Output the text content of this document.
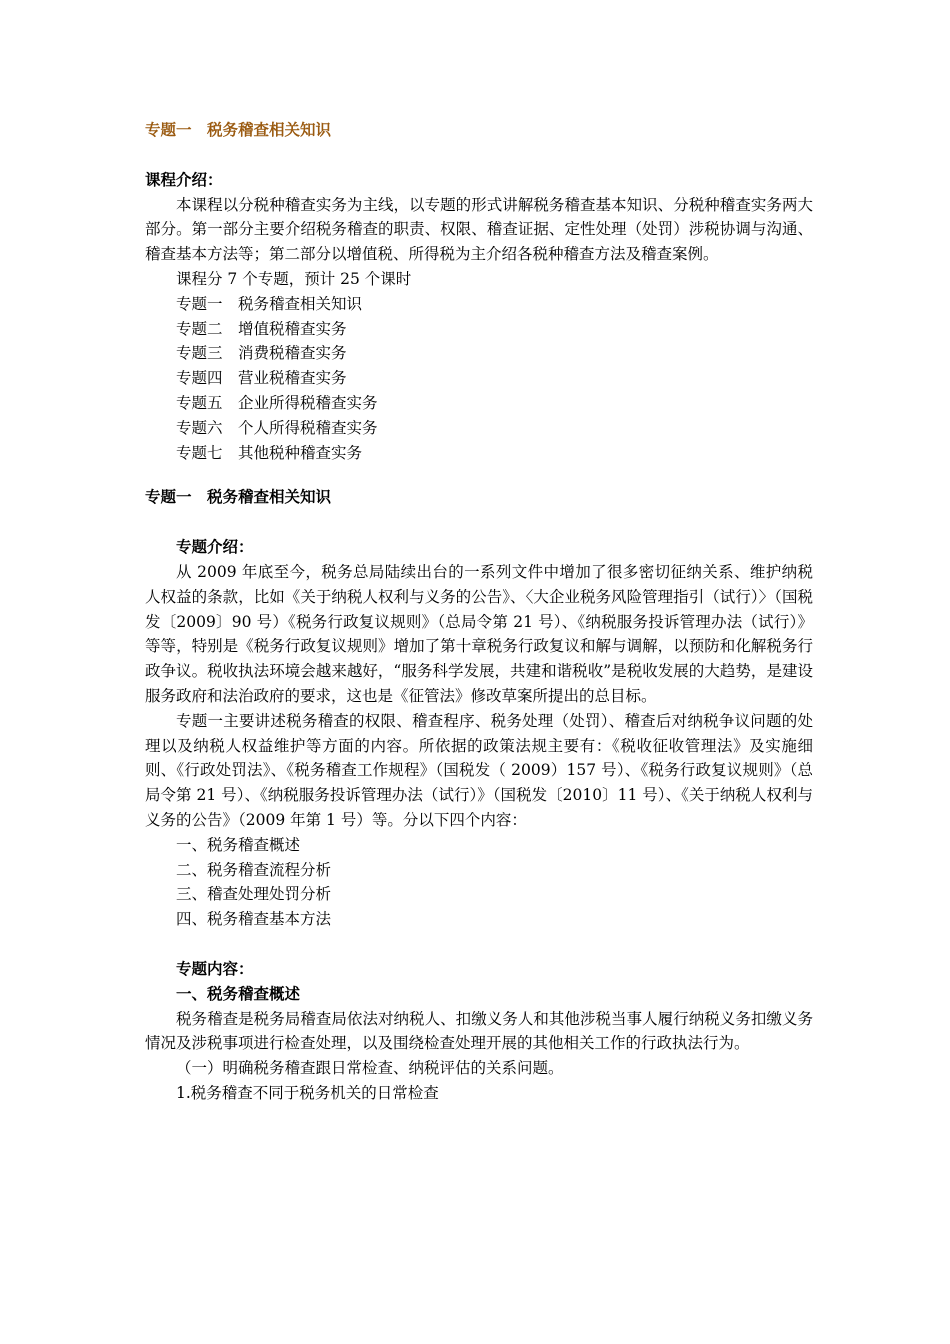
专题一　税务稽查相关知识

课程介绍：

本课程以分税种稽查实务为主线，以专题的形式讲解税务稽查基本知识、分税种稽查实务两大部分。第一部分主要介绍税务稽查的职责、权限、稽查证据、定性处理（处罚）涉税协调与沟通、稽查基本方法等；第二部分以增值税、所得税为主介绍各税种稽查方法及稽查案例。

课程分 7 个专题，预计 25 个课时

专题一　税务稽查相关知识

专题二　增值税稽查实务

专题三　消费税稽查实务

专题四　营业税稽查实务

专题五　企业所得税稽查实务

专题六　个人所得税稽查实务

专题七　其他税种稽查实务

专题一　税务稽查相关知识

专题介绍：

从 2009 年底至今，税务总局陆续出台的一系列文件中增加了很多密切征纳关系、维护纳税人权益的条款，比如《关于纳税人权利与义务的公告》、〈大企业税务风险管理指引（试行）〉（国税发〔2009〕90 号）《税务行政复议规则》（总局令第 21 号）、《纳税服务投诉管理办法（试行）》等等，特别是《税务行政复议规则》增加了第十章税务行政复议和解与调解，以预防和化解税务行政争议。税收执法环境会越来越好，“服务科学发展，共建和谐税收”是税收发展的大趋势，是建设服务政府和法治政府的要求，这也是《征管法》修改草案所提出的总目标。

专题一主要讲述税务稽查的权限、稽查程序、税务处理（处罚）、稽查后对纳税争议问题的处理以及纳税人权益维护等方面的内容。所依据的政策法规主要有：《税收征收管理法》及实施细则、《行政处罚法》、《税务稽查工作规程》（国税发（ 2009）157 号）、《税务行政复议规则》（总局令第 21 号）、《纳税服务投诉管理办法（试行）》（国税发〔2010〕11 号）、《关于纳税人权利与义务的公告》（2009 年第 1 号）等。分以下四个内容：

一、税务稽查概述

二、税务稽查流程分析

三、稽查处理处罚分析

四、税务稽查基本方法

专题内容：

一、税务稽查概述

税务稽查是税务局稽查局依法对纳税人、扣缴义务人和其他涉税当事人履行纳税义务扣缴义务情况及涉税事项进行检查处理，以及围绕检查处理开展的其他相关工作的行政执法行为。

（一）明确税务稽查跟日常检查、纳税评估的关系问题。

1.税务稽查不同于税务机关的日常检查
